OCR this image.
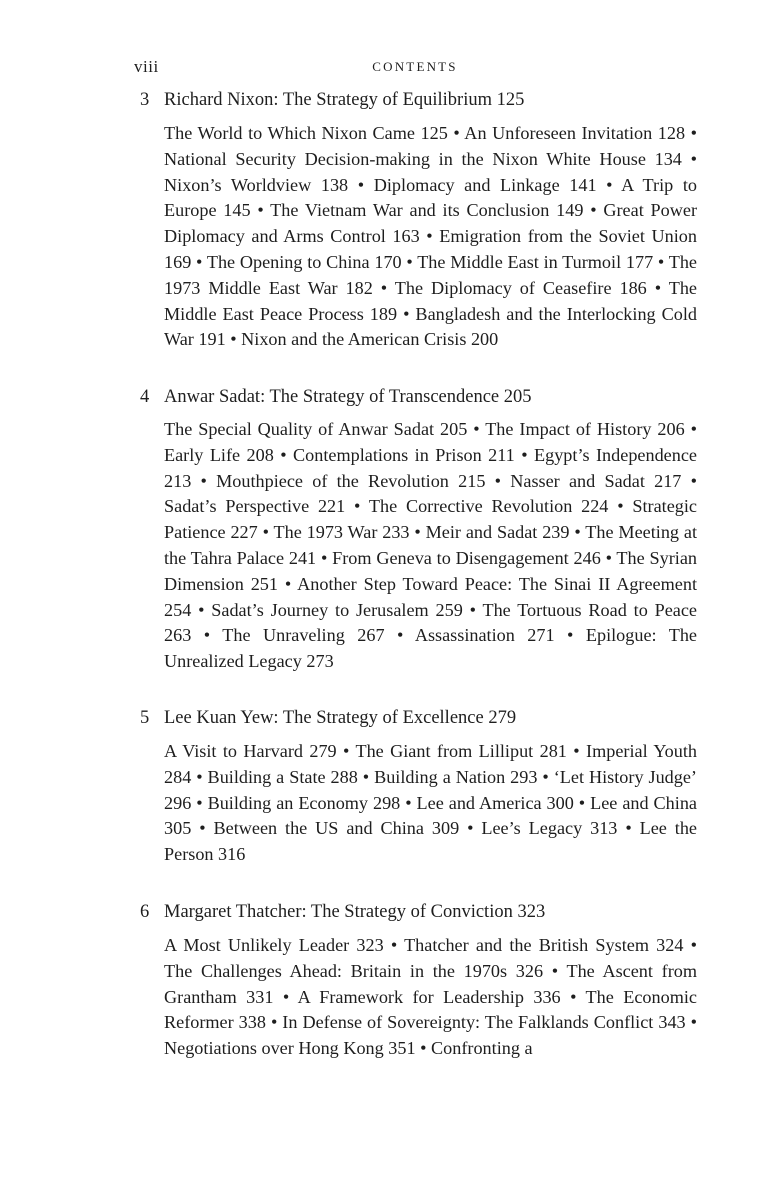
viii	CONTENTS
3 Richard Nixon: The Strategy of Equilibrium 125
The World to Which Nixon Came 125 • An Unforeseen Invitation 128 • National Security Decision-making in the Nixon White House 134 • Nixon’s Worldview 138 • Diplomacy and Linkage 141 • A Trip to Europe 145 • The Vietnam War and its Conclusion 149 • Great Power Diplomacy and Arms Control 163 • Emigration from the Soviet Union 169 • The Opening to China 170 • The Middle East in Turmoil 177 • The 1973 Middle East War 182 • The Diplomacy of Ceasefire 186 • The Middle East Peace Process 189 • Bangladesh and the Interlocking Cold War 191 • Nixon and the American Crisis 200
4 Anwar Sadat: The Strategy of Transcendence 205
The Special Quality of Anwar Sadat 205 • The Impact of History 206 • Early Life 208 • Contemplations in Prison 211 • Egypt’s Independence 213 • Mouthpiece of the Revolution 215 • Nasser and Sadat 217 • Sadat’s Perspective 221 • The Corrective Revolution 224 • Strategic Patience 227 • The 1973 War 233 • Meir and Sadat 239 • The Meeting at the Tahra Palace 241 • From Geneva to Disengagement 246 • The Syrian Dimension 251 • Another Step Toward Peace: The Sinai II Agreement 254 • Sadat’s Journey to Jerusalem 259 • The Tortuous Road to Peace 263 • The Unraveling 267 • Assassination 271 • Epilogue: The Unrealized Legacy 273
5 Lee Kuan Yew: The Strategy of Excellence 279
A Visit to Harvard 279 • The Giant from Lilliput 281 • Imperial Youth 284 • Building a State 288 • Building a Nation 293 • ‘Let History Judge’ 296 • Building an Economy 298 • Lee and America 300 • Lee and China 305 • Between the US and China 309 • Lee’s Legacy 313 • Lee the Person 316
6 Margaret Thatcher: The Strategy of Conviction 323
A Most Unlikely Leader 323 • Thatcher and the British System 324 • The Challenges Ahead: Britain in the 1970s 326 • The Ascent from Grantham 331 • A Framework for Leadership 336 • The Economic Reformer 338 • In Defense of Sovereignty: The Falklands Conflict 343 • Negotiations over Hong Kong 351 • Confronting a
